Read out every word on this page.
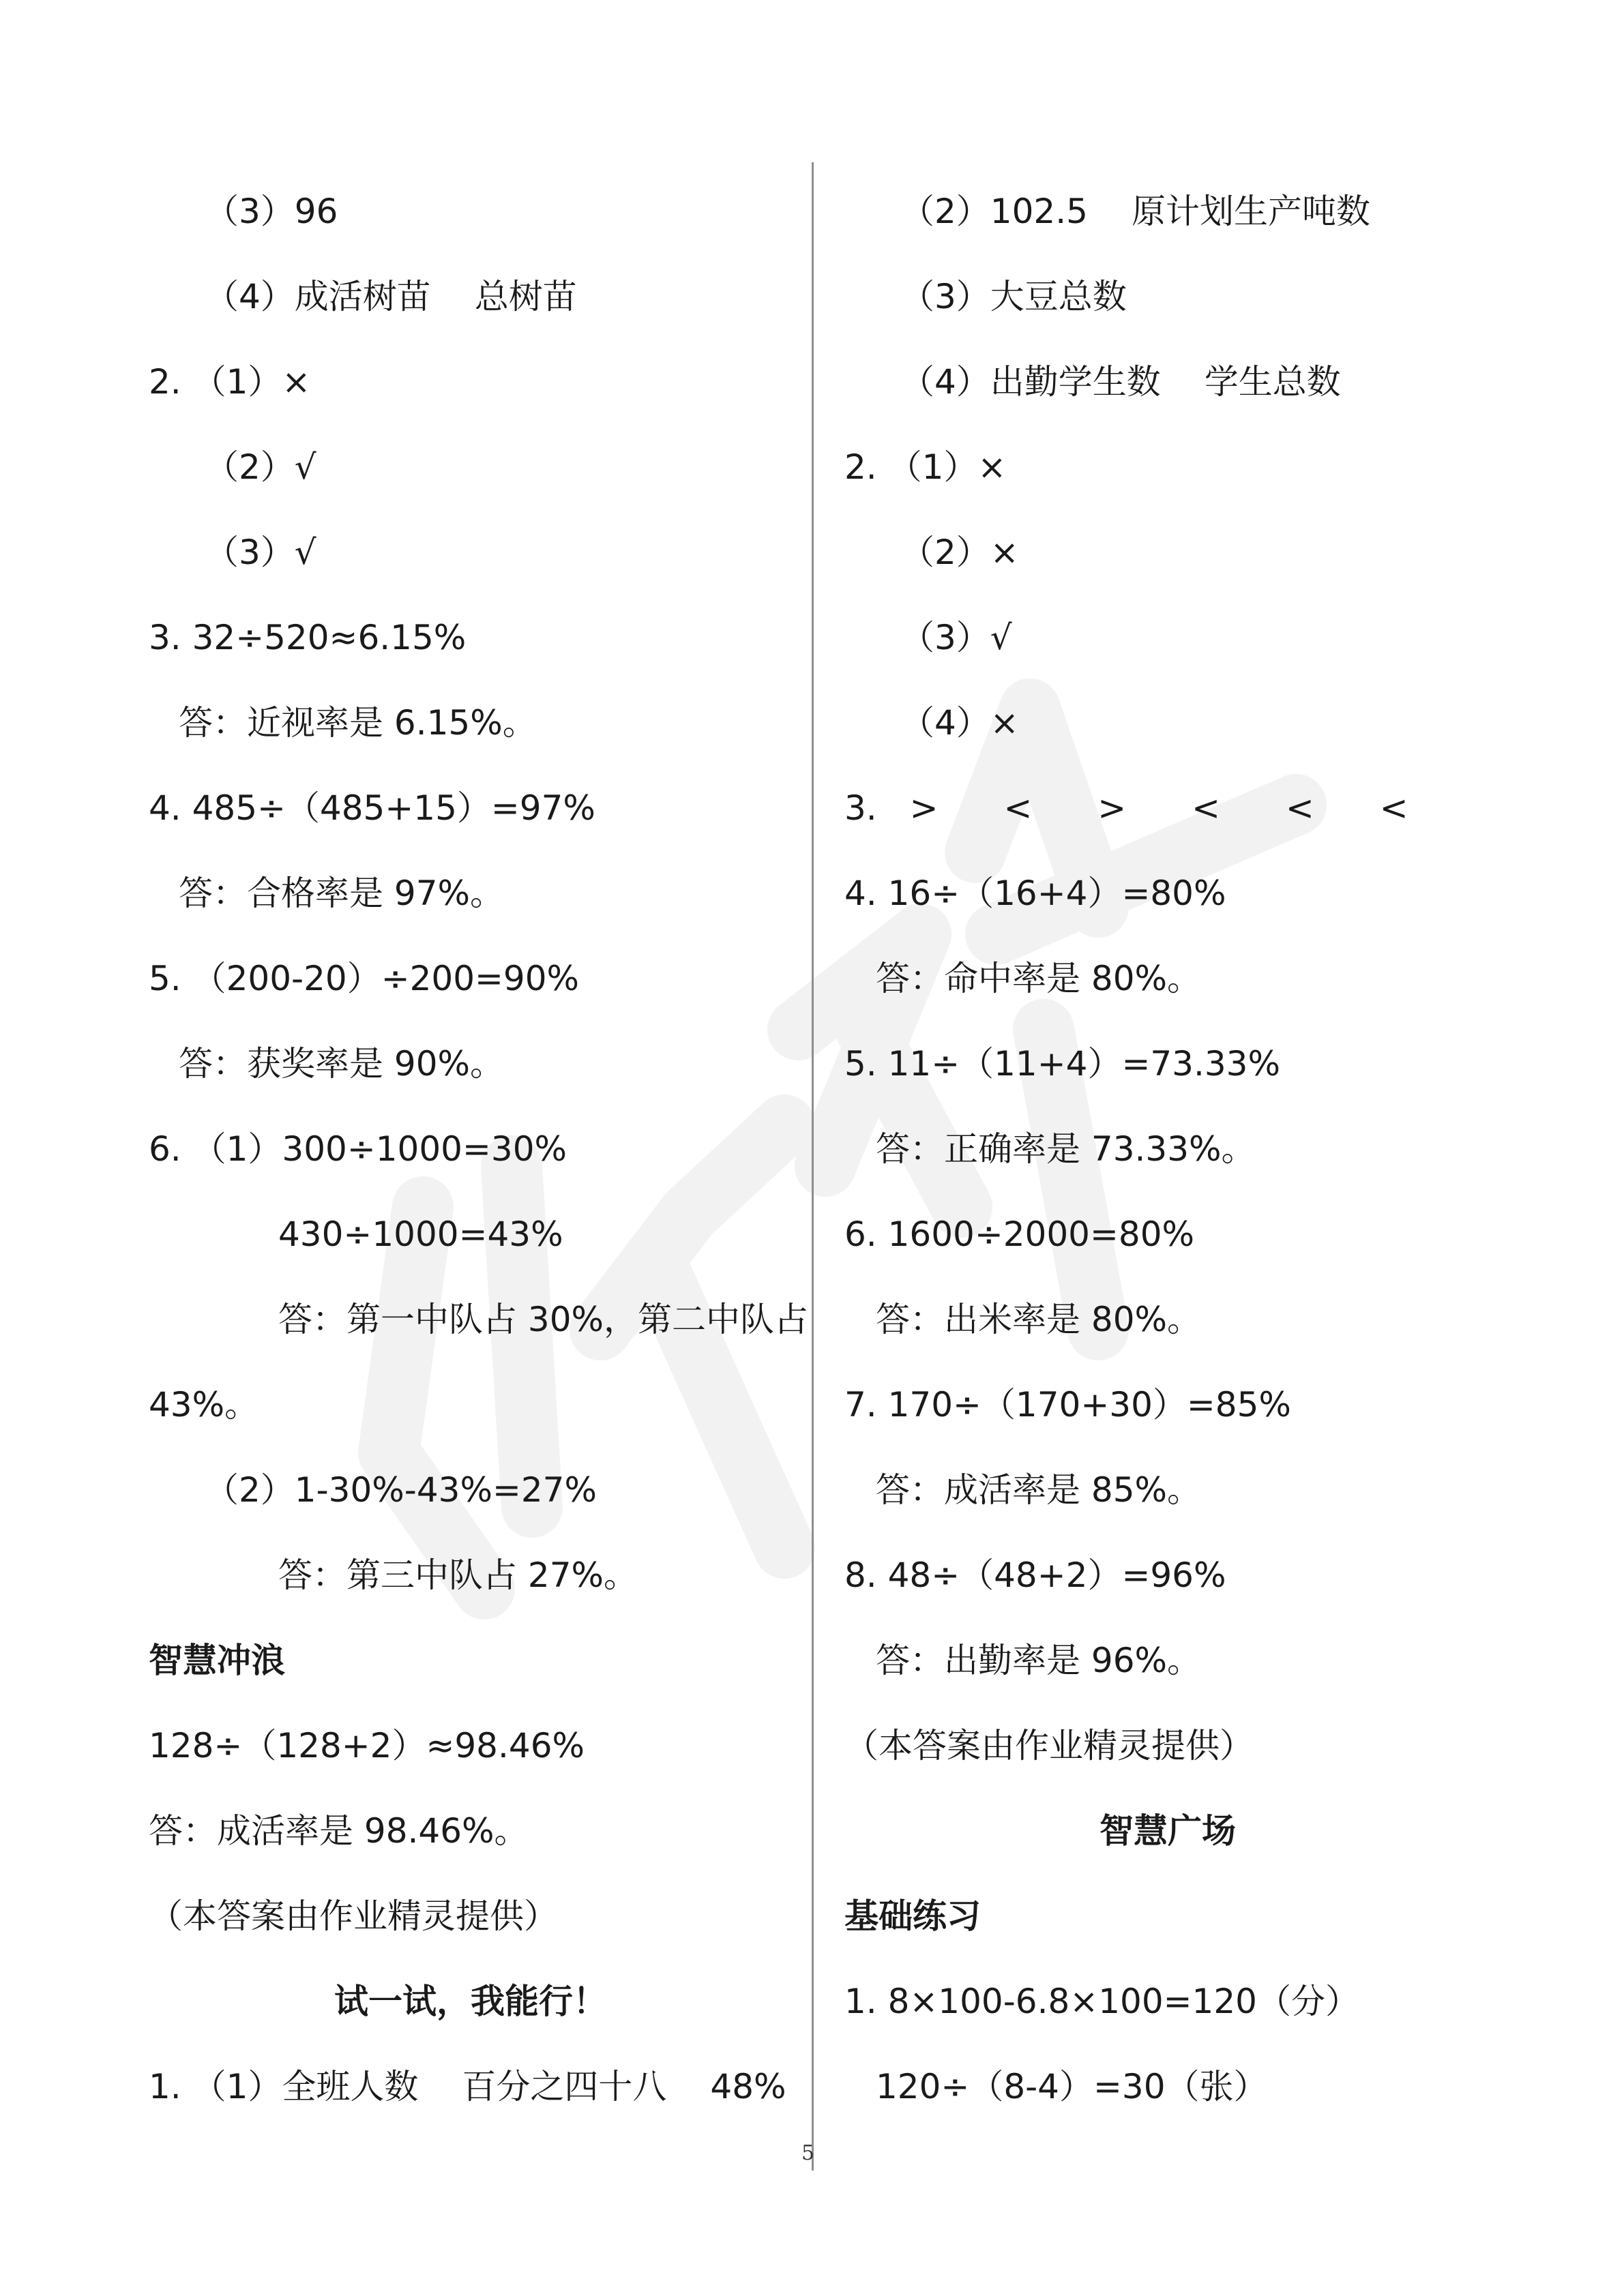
（3）96
（4）成活树苗 总树苗
2. （1）×
（2）√
（3）√
3. 32÷520≈6.15%
答：近视率是 6.15%。
4. 485÷（485+15）=97%
答：合格率是 97%。
5. （200-20）÷200=90%
答：获奖率是 90%。
6. （1）300÷1000=30%
430÷1000=43%
答：第一中队占 30%，第二中队占
43%。
（2）1-30%-43%=27%
答：第三中队占 27%。
智慧冲浪
128÷（128+2）≈98.46%
答：成活率是 98.46%。
（本答案由作业精灵提供）
试一试，我能行！
1. （1）全班人数 百分之四十八 48%
（2）102.5 原计划生产吨数
（3）大豆总数
（4）出勤学生数 学生总数
2. （1）×
（2）×
（3）√
（4）×
3. > < > < < <
4. 16÷（16+4）=80%
答：命中率是 80%。
5. 11÷（11+4）=73.33%
答：正确率是 73.33%。
6. 1600÷2000=80%
答：出米率是 80%。
7. 170÷（170+30）=85%
答：成活率是 85%。
8. 48÷（48+2）=96%
答：出勤率是 96%。
（本答案由作业精灵提供）
智慧广场
基础练习
1. 8×100-6.8×100=120（分）
120÷（8-4）=30（张）
5
